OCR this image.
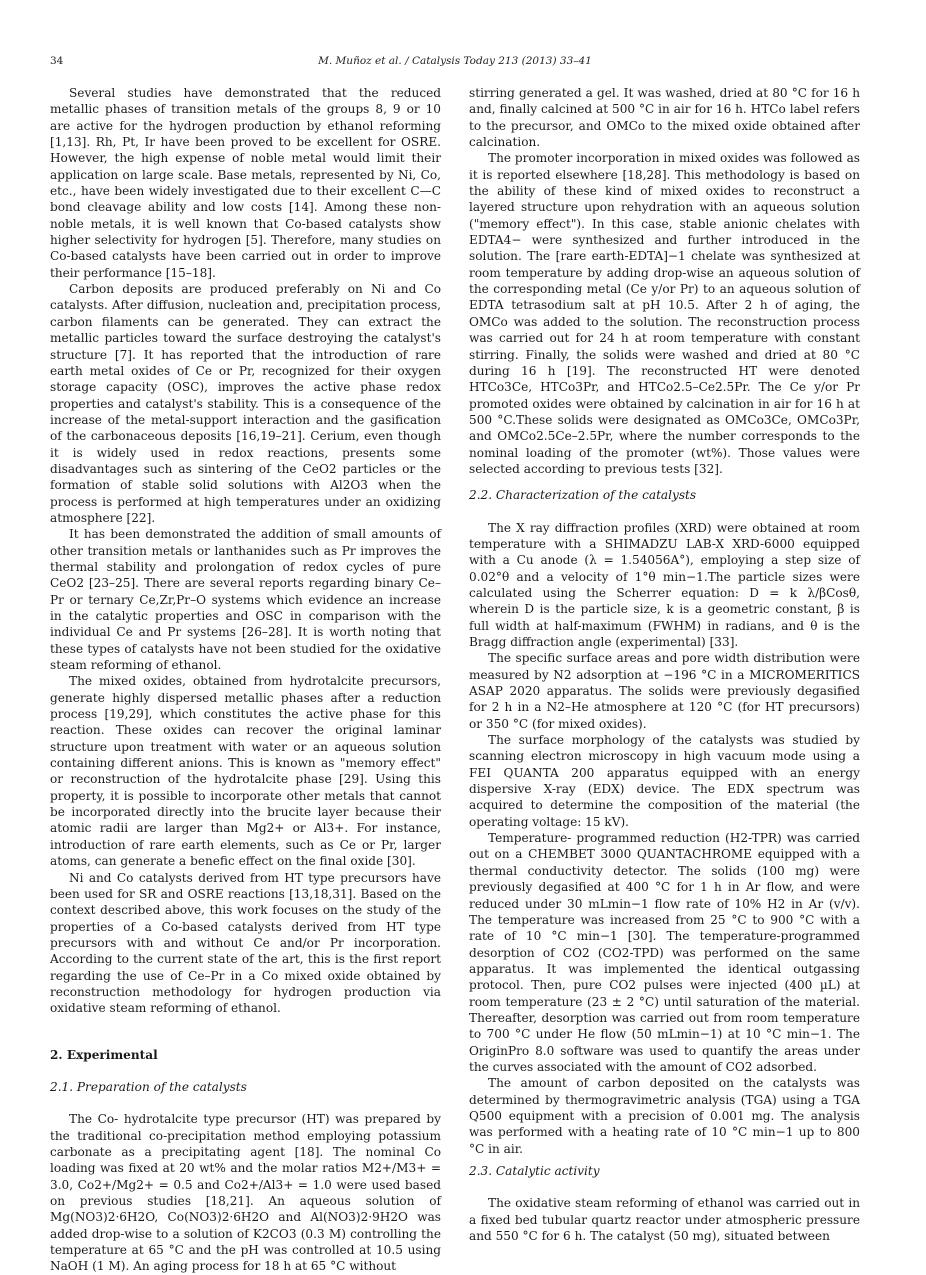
34	M. Muñoz et al. / Catalysis Today 213 (2013) 33–41

Several studies have demonstrated that the reduced metallic phases of transition metals of the groups 8, 9 or 10 are active for the hydrogen production by ethanol reforming [1,13]. Rh, Pt, Ir have been proved to be excellent for OSRE. However, the high expense of noble metal would limit their application on large scale. Base metals, represented by Ni, Co, etc., have been widely investigated due to their excellent C—C bond cleavage ability and low costs [14]. Among these non-noble metals, it is well known that Co-based catalysts show higher selectivity for hydrogen [5]. Therefore, many studies on Co-based catalysts have been carried out in order to improve their performance [15–18].

Carbon deposits are produced preferably on Ni and Co catalysts. After diffusion, nucleation and, precipitation process, carbon filaments can be generated. They can extract the metallic particles toward the surface destroying the catalyst's structure [7]. It has reported that the introduction of rare earth metal oxides of Ce or Pr, recognized for their oxygen storage capacity (OSC), improves the active phase redox properties and catalyst's stability. This is a consequence of the increase of the metal-support interaction and the gasification of the carbonaceous deposits [16,19–21]. Cerium, even though it is widely used in redox reactions, presents some disadvantages such as sintering of the CeO2 particles or the formation of stable solid solutions with Al2O3 when the process is performed at high temperatures under an oxidizing atmosphere [22].

It has been demonstrated the addition of small amounts of other transition metals or lanthanides such as Pr improves the thermal stability and prolongation of redox cycles of pure CeO2 [23–25]. There are several reports regarding binary Ce–Pr or ternary Ce,Zr,Pr–O systems which evidence an increase in the catalytic properties and OSC in comparison with the individual Ce and Pr systems [26–28]. It is worth noting that these types of catalysts have not been studied for the oxidative steam reforming of ethanol.

The mixed oxides, obtained from hydrotalcite precursors, generate highly dispersed metallic phases after a reduction process [19,29], which constitutes the active phase for this reaction. These oxides can recover the original laminar structure upon treatment with water or an aqueous solution containing different anions. This is known as "memory effect" or reconstruction of the hydrotalcite phase [29]. Using this property, it is possible to incorporate other metals that cannot be incorporated directly into the brucite layer because their atomic radii are larger than Mg2+ or Al3+. For instance, introduction of rare earth elements, such as Ce or Pr, larger atoms, can generate a benefic effect on the final oxide [30].

Ni and Co catalysts derived from HT type precursors have been used for SR and OSRE reactions [13,18,31]. Based on the context described above, this work focuses on the study of the properties of a Co-based catalysts derived from HT type precursors with and without Ce and/or Pr incorporation. According to the current state of the art, this is the first report regarding the use of Ce–Pr in a Co mixed oxide obtained by reconstruction methodology for hydrogen production via oxidative steam reforming of ethanol.

2. Experimental
2.1. Preparation of the catalysts

The Co- hydrotalcite type precursor (HT) was prepared by the traditional co-precipitation method employing potassium carbonate as a precipitating agent [18]. The nominal Co loading was fixed at 20 wt% and the molar ratios M2+/M3+ = 3.0, Co2+/Mg2+ = 0.5 and Co2+/Al3+ = 1.0 were used based on previous studies [18,21]. An aqueous solution of Mg(NO3)2·6H2O, Co(NO3)2·6H2O and Al(NO3)2·9H2O was added drop-wise to a solution of K2CO3 (0.3 M) controlling the temperature at 65 °C and the pH was controlled at 10.5 using NaOH (1 M). An aging process for 18 h at 65 °C without

stirring generated a gel. It was washed, dried at 80 °C for 16 h and, finally calcined at 500 °C in air for 16 h. HTCo label refers to the precursor, and OMCo to the mixed oxide obtained after calcination.

The promoter incorporation in mixed oxides was followed as it is reported elsewhere [18,28]. This methodology is based on the ability of these kind of mixed oxides to reconstruct a layered structure upon rehydration with an aqueous solution ("memory effect"). In this case, stable anionic chelates with EDTA4− were synthesized and further introduced in the solution. The [rare earth-EDTA]−1 chelate was synthesized at room temperature by adding drop-wise an aqueous solution of the corresponding metal (Ce y/or Pr) to an aqueous solution of EDTA tetrasodium salt at pH 10.5. After 2 h of aging, the OMCo was added to the solution. The reconstruction process was carried out for 24 h at room temperature with constant stirring. Finally, the solids were washed and dried at 80 °C during 16 h [19]. The reconstructed HT were denoted HTCo3Ce, HTCo3Pr, and HTCo2.5–Ce2.5Pr. The Ce y/or Pr promoted oxides were obtained by calcination in air for 16 h at 500 °C.These solids were designated as OMCo3Ce, OMCo3Pr, and OMCo2.5Ce–2.5Pr, where the number corresponds to the nominal loading of the promoter (wt%). Those values were selected according to previous tests [32].

2.2. Characterization of the catalysts

The X ray diffraction profiles (XRD) were obtained at room temperature with a SHIMADZU LAB-X XRD-6000 equipped with a Cu anode (λ = 1.54056A°), employing a step size of 0.02°θ and a velocity of 1°θ min−1.The particle sizes were calculated using the Scherrer equation: D = k λ/βCosθ, wherein D is the particle size, k is a geometric constant, β is full width at half-maximum (FWHM) in radians, and θ is the Bragg diffraction angle (experimental) [33].

The specific surface areas and pore width distribution were measured by N2 adsorption at −196 °C in a MICROMERITICS ASAP 2020 apparatus. The solids were previously degasified for 2 h in a N2–He atmosphere at 120 °C (for HT precursors) or 350 °C (for mixed oxides).

The surface morphology of the catalysts was studied by scanning electron microscopy in high vacuum mode using a FEI QUANTA 200 apparatus equipped with an energy dispersive X-ray (EDX) device. The EDX spectrum was acquired to determine the composition of the material (the operating voltage: 15 kV).

Temperature- programmed reduction (H2-TPR) was carried out on a CHEMBET 3000 QUANTACHROME equipped with a thermal conductivity detector. The solids (100 mg) were previously degasified at 400 °C for 1 h in Ar flow, and were reduced under 30 mLmin−1 flow rate of 10% H2 in Ar (v/v). The temperature was increased from 25 °C to 900 °C with a rate of 10 °C min−1 [30]. The temperature-programmed desorption of CO2 (CO2-TPD) was performed on the same apparatus. It was implemented the identical outgassing protocol. Then, pure CO2 pulses were injected (400 µL) at room temperature (23 ± 2 °C) until saturation of the material. Thereafter, desorption was carried out from room temperature to 700 °C under He flow (50 mLmin−1) at 10 °C min−1. The OriginPro 8.0 software was used to quantify the areas under the curves associated with the amount of CO2 adsorbed.

The amount of carbon deposited on the catalysts was determined by thermogravimetric analysis (TGA) using a TGA Q500 equipment with a precision of 0.001 mg. The analysis was performed with a heating rate of 10 °C min−1 up to 800 °C in air.

2.3. Catalytic activity

The oxidative steam reforming of ethanol was carried out in a fixed bed tubular quartz reactor under atmospheric pressure and 550 °C for 6 h. The catalyst (50 mg), situated between
